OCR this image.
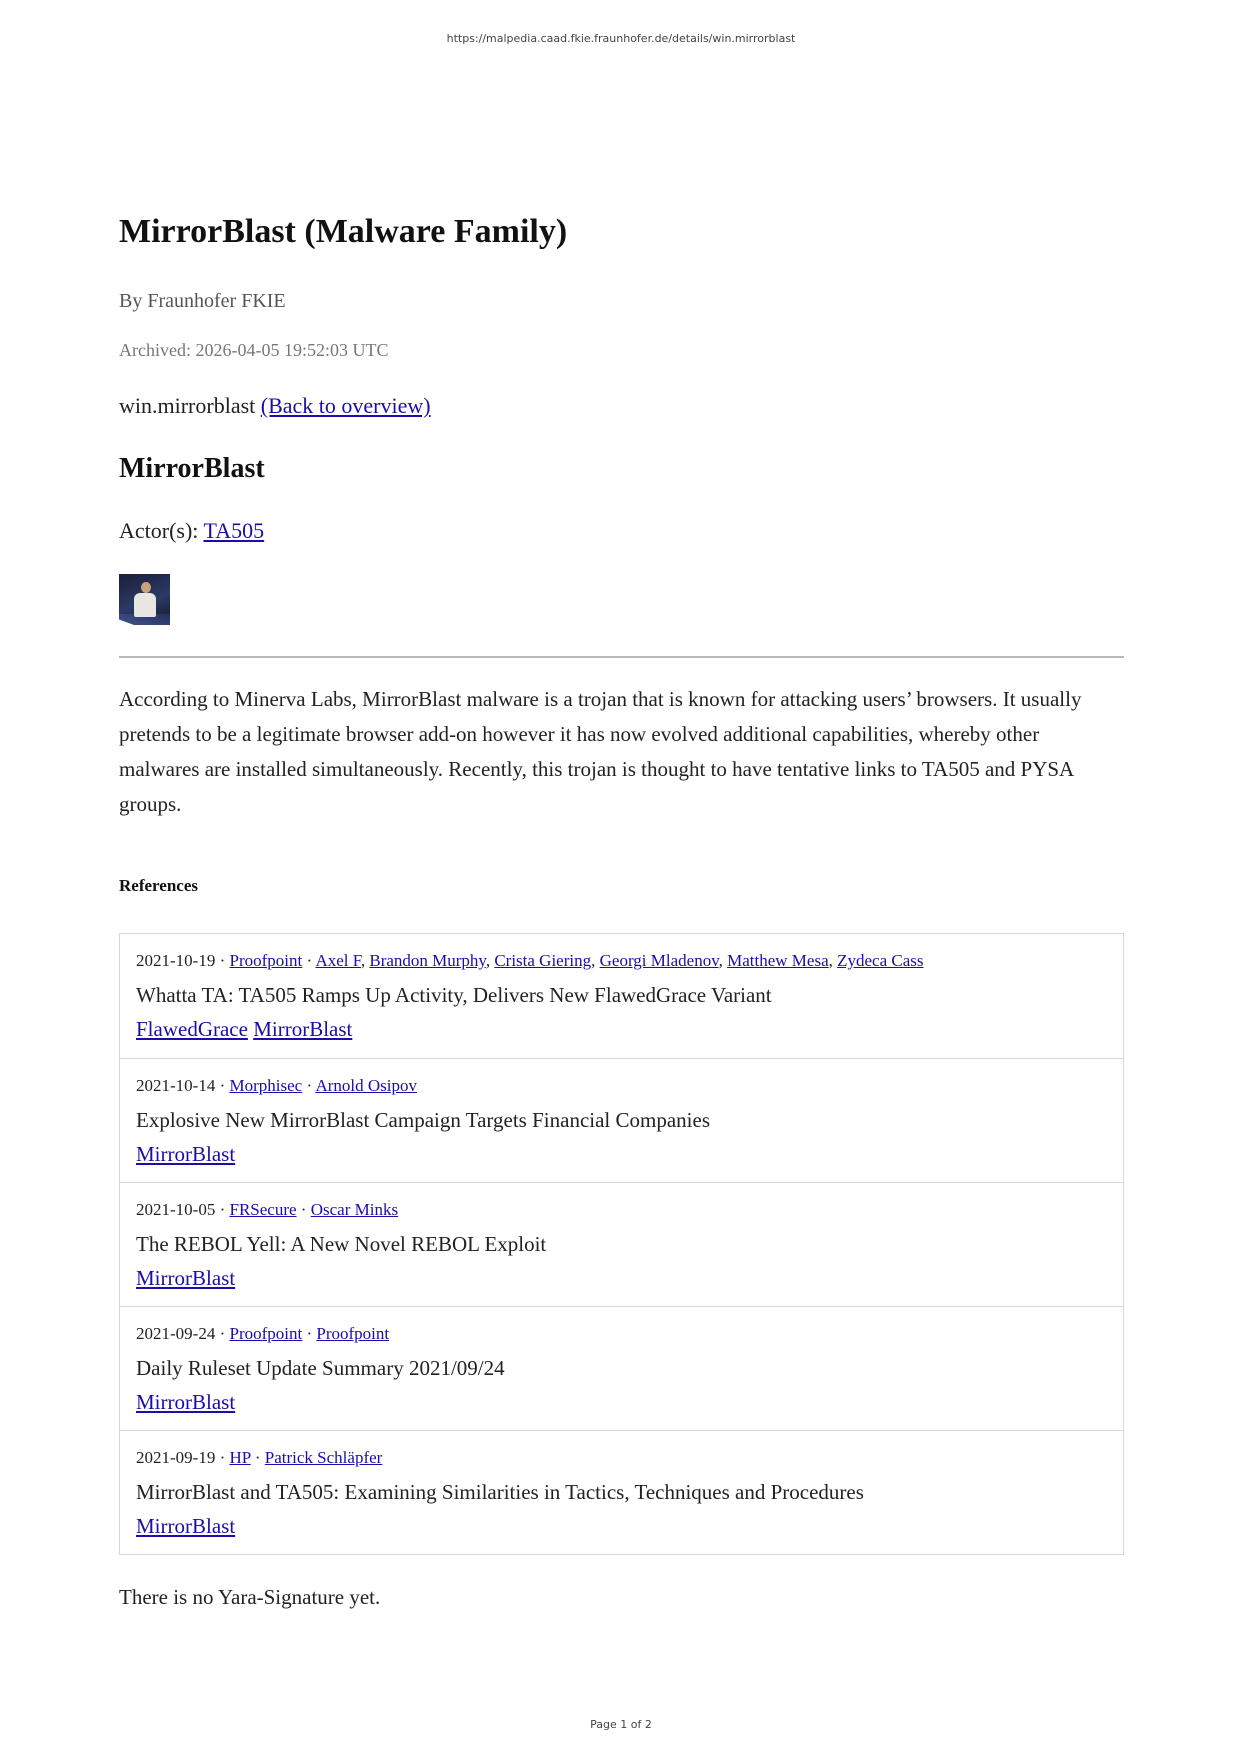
https://malpedia.caad.fkie.fraunhofer.de/details/win.mirrorblast
MirrorBlast (Malware Family)
By Fraunhofer FKIE
Archived: 2026-04-05 19:52:03 UTC
win.mirrorblast (Back to overview)
MirrorBlast
Actor(s): TA505

According to Minerva Labs, MirrorBlast malware is a trojan that is known for attacking users’ browsers. It usually pretends to be a legitimate browser add-on however it has now evolved additional capabilities, whereby other malwares are installed simultaneously. Recently, this trojan is thought to have tentative links to TA505 and PYSA groups.

References
2021-10-19 · Proofpoint · Axel F, Brandon Murphy, Crista Giering, Georgi Mladenov, Matthew Mesa, Zydeca Cass
Whatta TA: TA505 Ramps Up Activity, Delivers New FlawedGrace Variant
FlawedGrace MirrorBlast
2021-10-14 · Morphisec · Arnold Osipov
Explosive New MirrorBlast Campaign Targets Financial Companies
MirrorBlast
2021-10-05 · FRSecure · Oscar Minks
The REBOL Yell: A New Novel REBOL Exploit
MirrorBlast
2021-09-24 · Proofpoint · Proofpoint
Daily Ruleset Update Summary 2021/09/24
MirrorBlast
2021-09-19 · HP · Patrick Schläpfer
MirrorBlast and TA505: Examining Similarities in Tactics, Techniques and Procedures
MirrorBlast
There is no Yara-Signature yet.
Page 1 of 2
